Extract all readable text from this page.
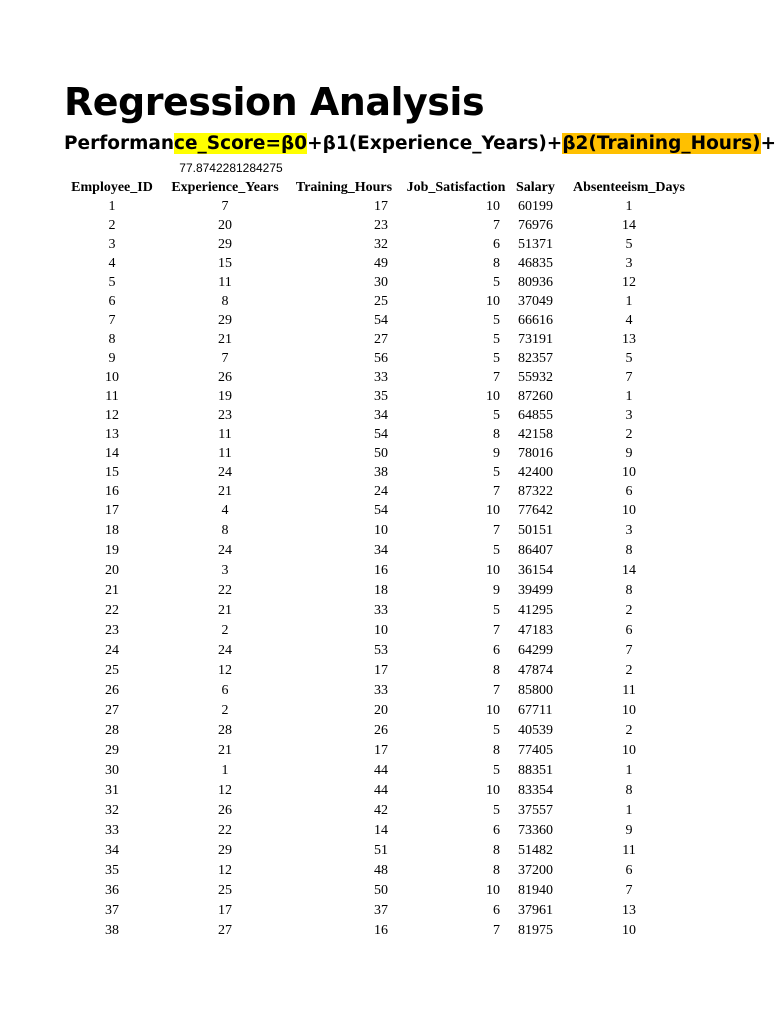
Regression Analysis
Performance_Score=β0+β1(Experience_Years)+β2(Training_Hours)+
77.8742281284275
Employee_ID	Experience_Years	Training_Hours	Job_Satisfaction	Salary	Absenteeism_Days
1	7	17	10	60199	1
2	20	23	7	76976	14
3	29	32	6	51371	5
4	15	49	8	46835	3
5	11	30	5	80936	12
6	8	25	10	37049	1
7	29	54	5	66616	4
8	21	27	5	73191	13
9	7	56	5	82357	5
10	26	33	7	55932	7
11	19	35	10	87260	1
12	23	34	5	64855	3
13	11	54	8	42158	2
14	11	50	9	78016	9
15	24	38	5	42400	10
16	21	24	7	87322	6
17	4	54	10	77642	10
18	8	10	7	50151	3
19	24	34	5	86407	8
20	3	16	10	36154	14
21	22	18	9	39499	8
22	21	33	5	41295	2
23	2	10	7	47183	6
24	24	53	6	64299	7
25	12	17	8	47874	2
26	6	33	7	85800	11
27	2	20	10	67711	10
28	28	26	5	40539	2
29	21	17	8	77405	10
30	1	44	5	88351	1
31	12	44	10	83354	8
32	26	42	5	37557	1
33	22	14	6	73360	9
34	29	51	8	51482	11
35	12	48	8	37200	6
36	25	50	10	81940	7
37	17	37	6	37961	13
38	27	16	7	81975	10
